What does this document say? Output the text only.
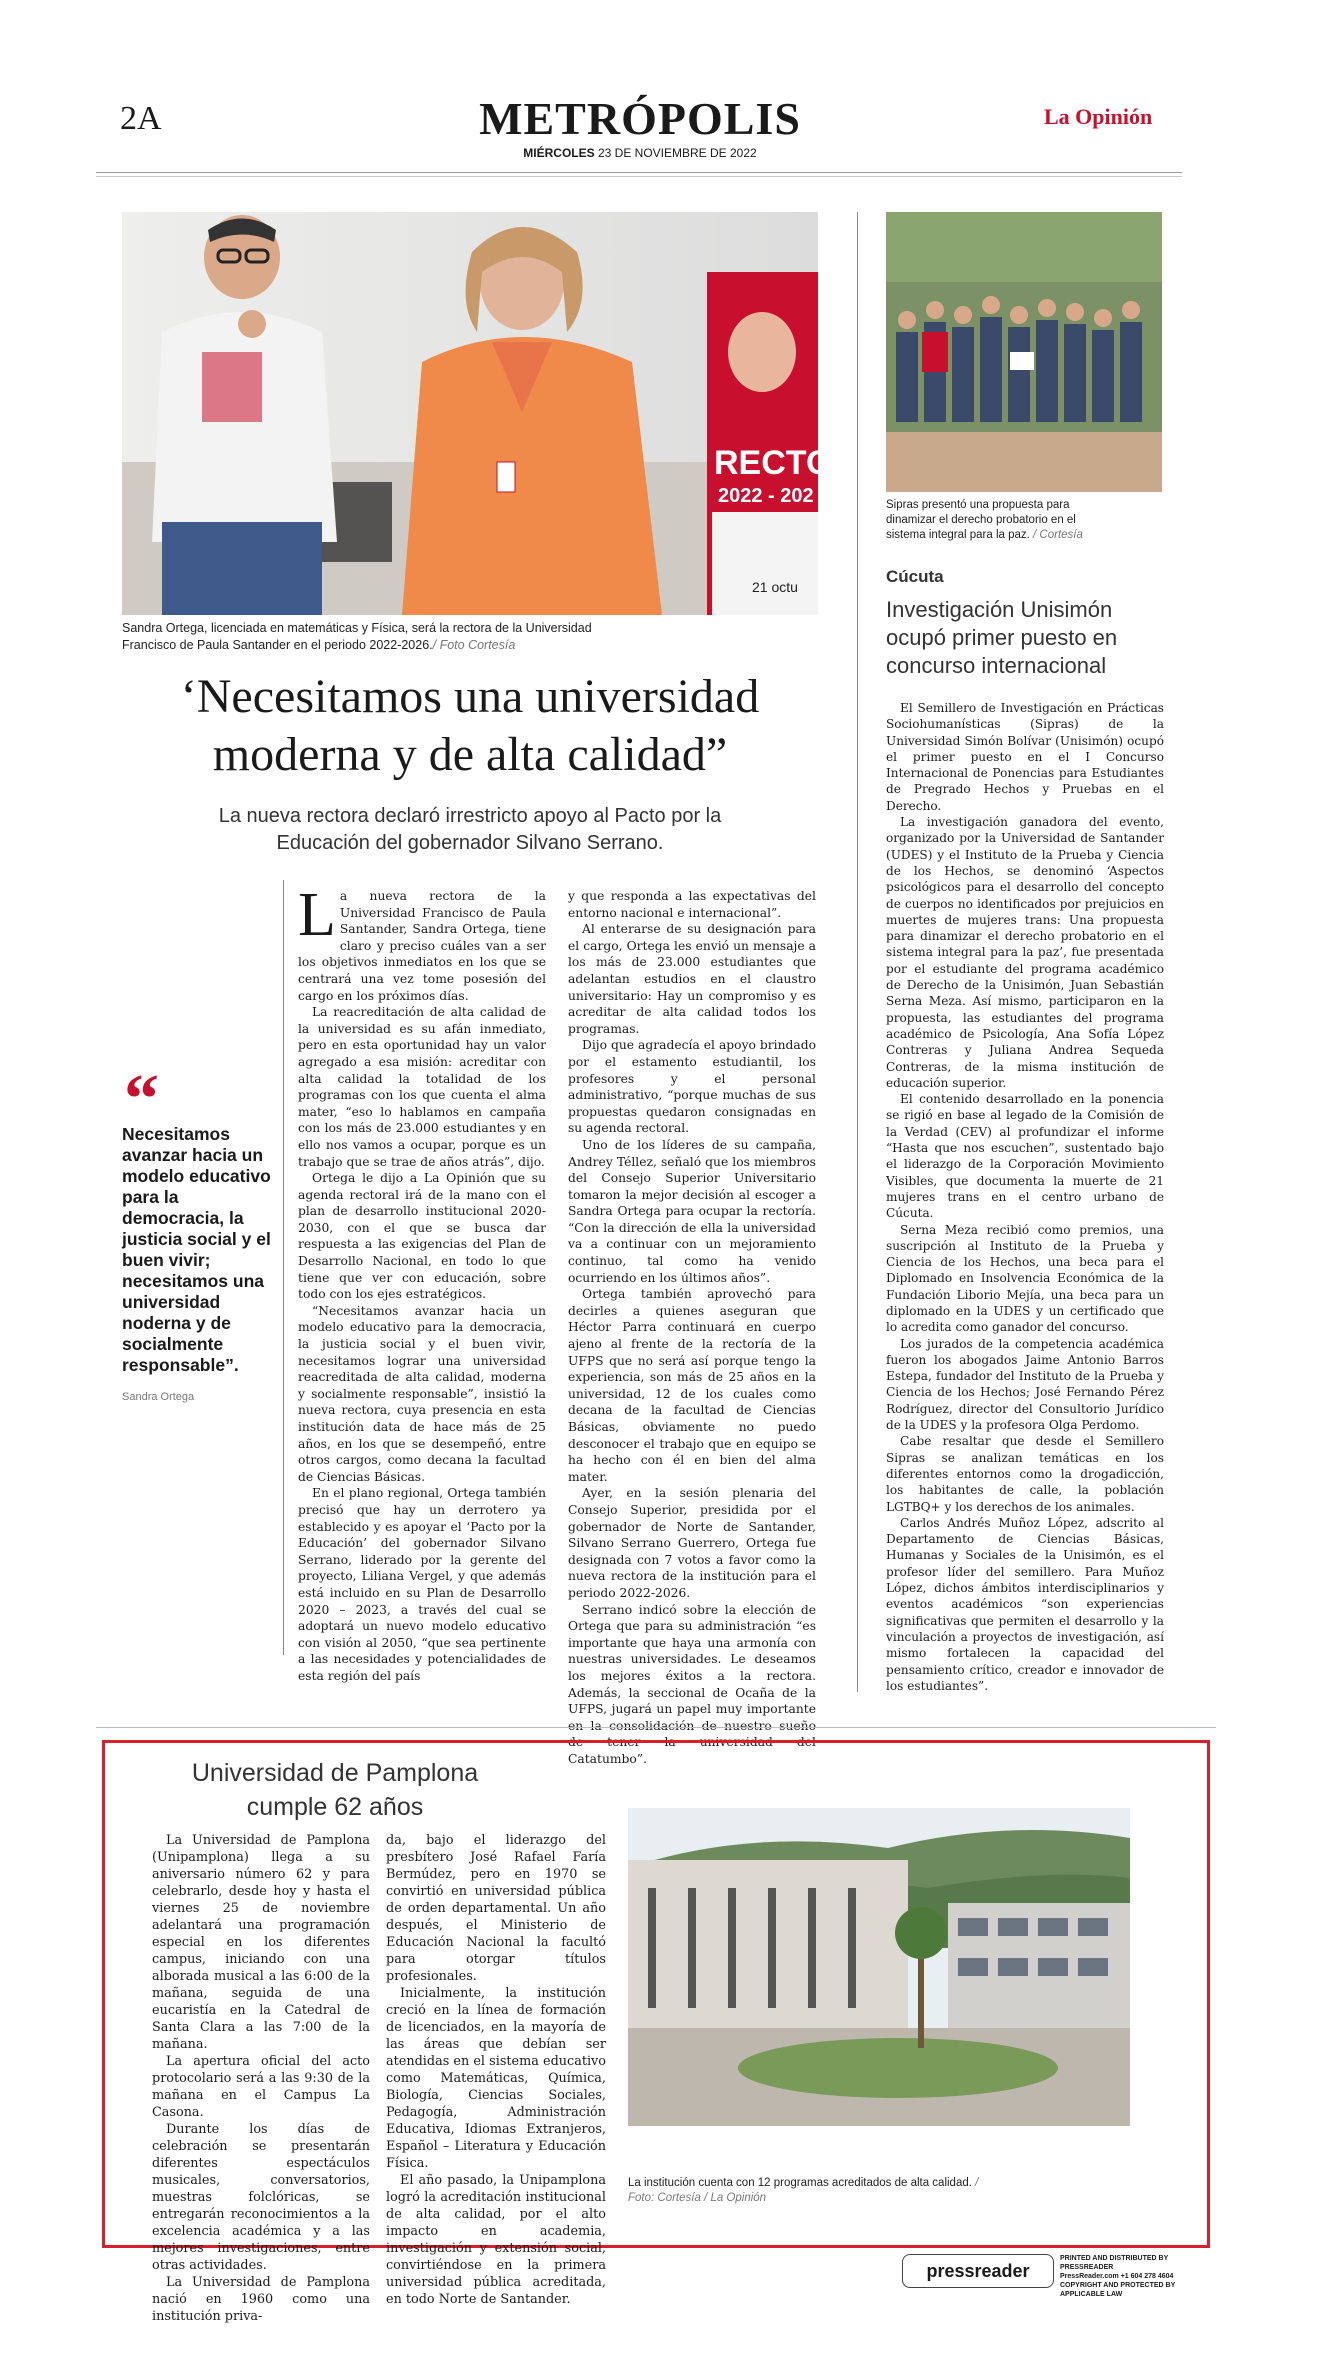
2A	METRÓPOLIS
MIÉRCOLES 23 DE NOVIEMBRE DE 2022
La Opinión
RECTO
2022 - 202
21 octu
Sandra Ortega, licenciada en matemáticas y Física, será la rectora de la Universidad Francisco de Paula Santander en el periodo 2022-2026./ Foto Cortesía
‘Necesitamos una universidad moderna y de alta calidad”
La nueva rectora declaró irrestricto apoyo al Pacto por la Educación del gobernador Silvano Serrano.
“
Necesitamos avanzar hacia un modelo educativo para la democracia, la justicia social y el buen vivir; necesitamos una universidad noderna y de socialmente responsable”.
Sandra Ortega

La nueva rectora de la Universidad Francisco de Paula Santander, Sandra Ortega, tiene claro y preciso cuáles van a ser los objetivos inmediatos en los que se centrará una vez tome posesión del cargo en los próximos días.

La reacreditación de alta calidad de la universidad es su afán inmediato, pero en esta oportunidad hay un valor agregado a esa misión: acreditar con alta calidad la totalidad de los programas con los que cuenta el alma mater, “eso lo hablamos en campaña con los más de 23.000 estudiantes y en ello nos vamos a ocupar, porque es un trabajo que se trae de años atrás”, dijo.

Ortega le dijo a La Opinión que su agenda rectoral irá de la mano con el plan de desarrollo institucional 2020-2030, con el que se busca dar respuesta a las exigencias del Plan de Desarrollo Nacional, en todo lo que tiene que ver con educación, sobre todo con los ejes estratégicos.

“Necesitamos avanzar hacia un modelo educativo para la democracia, la justicia social y el buen vivir, necesitamos lograr una universidad reacreditada de alta calidad, moderna y socialmente responsable”, insistió la nueva rectora, cuya presencia en esta institución data de hace más de 25 años, en los que se desempeñó, entre otros cargos, como decana la facultad de Ciencias Básicas.

En el plano regional, Ortega también precisó que hay un derrotero ya establecido y es apoyar el ‘Pacto por la Educación’ del gobernador Silvano Serrano, liderado por la gerente del proyecto, Liliana Vergel, y que además está incluido en su Plan de Desarrollo 2020 – 2023, a través del cual se adoptará un nuevo modelo educativo con visión al 2050, “que sea pertinente a las necesidades y potencialidades de esta región del país

y que responda a las expectativas del entorno nacional e internacional”.

Al enterarse de su designación para el cargo, Ortega les envió un mensaje a los más de 23.000 estudiantes que adelantan estudios en el claustro universitario: Hay un compromiso y es acreditar de alta calidad todos los programas.

Dijo que agradecía el apoyo brindado por el estamento estudiantil, los profesores y el personal administrativo, “porque muchas de sus propuestas quedaron consignadas en su agenda rectoral.

Uno de los líderes de su campaña, Andrey Téllez, señaló que los miembros del Consejo Superior Universitario tomaron la mejor decisión al escoger a Sandra Ortega para ocupar la rectoría. “Con la dirección de ella la universidad va a continuar con un mejoramiento continuo, tal como ha venido ocurriendo en los últimos años”.

Ortega también aprovechó para decirles a quienes aseguran que Héctor Parra continuará en cuerpo ajeno al frente de la rectoría de la UFPS que no será así porque tengo la experiencia, son más de 25 años en la universidad, 12 de los cuales como decana de la facultad de Ciencias Básicas, obviamente no puedo desconocer el trabajo que en equipo se ha hecho con él en bien del alma mater.

Ayer, en la sesión plenaria del Consejo Superior, presidida por el gobernador de Norte de Santander, Silvano Serrano Guerrero, Ortega fue designada con 7 votos a favor como la nueva rectora de la institución para el periodo 2022-2026.

Serrano indicó sobre la elección de Ortega que para su administración “es importante que haya una armonía con nuestras universidades. Le deseamos los mejores éxitos a la rectora. Además, la seccional de Ocaña de la UFPS, jugará un papel muy importante en la consolidación de nuestro sueño de tener la universidad del Catatumbo”.

Sipras presentó una propuesta para dinamizar el derecho probatorio en el sistema integral para la paz. / Cortesía
Cúcuta
Investigación Unisimón ocupó primer puesto en concurso internacional

El Semillero de Investigación en Prácticas Sociohumanísticas (Sipras) de la Universidad Simón Bolívar (Unisimón) ocupó el primer puesto en el I Concurso Internacional de Ponencias para Estudiantes de Pregrado Hechos y Pruebas en el Derecho.

La investigación ganadora del evento, organizado por la Universidad de Santander (UDES) y el Instituto de la Prueba y Ciencia de los Hechos, se denominó ‘Aspectos psicológicos para el desarrollo del concepto de cuerpos no identificados por prejuicios en muertes de mujeres trans: Una propuesta para dinamizar el derecho probatorio en el sistema integral para la paz’, fue presentada por el estudiante del programa académico de Derecho de la Unisimón, Juan Sebastián Serna Meza. Así mismo, participaron en la propuesta, las estudiantes del programa académico de Psicología, Ana Sofía López Contreras y Juliana Andrea Sequeda Contreras, de la misma institución de educación superior.

El contenido desarrollado en la ponencia se rigió en base al legado de la Comisión de la Verdad (CEV) al profundizar el informe “Hasta que nos escuchen”, sustentado bajo el liderazgo de la Corporación Movimiento Visibles, que documenta la muerte de 21 mujeres trans en el centro urbano de Cúcuta.

Serna Meza recibió como premios, una suscripción al Instituto de la Prueba y Ciencia de los Hechos, una beca para el Diplomado en Insolvencia Económica de la Fundación Liborio Mejía, una beca para un diplomado en la UDES y un certificado que lo acredita como ganador del concurso.

Los jurados de la competencia académica fueron los abogados Jaime Antonio Barros Estepa, fundador del Instituto de la Prueba y Ciencia de los Hechos; José Fernando Pérez Rodríguez, director del Consultorio Jurídico de la UDES y la profesora Olga Perdomo.

Cabe resaltar que desde el Semillero Sipras se analizan temáticas en los diferentes entornos como la drogadicción, los habitantes de calle, la población LGTBQ+ y los derechos de los animales.

Carlos Andrés Muñoz López, adscrito al Departamento de Ciencias Básicas, Humanas y Sociales de la Unisimón, es el profesor líder del semillero. Para Muñoz López, dichos ámbitos interdisciplinarios y eventos académicos “son experiencias significativas que permiten el desarrollo y la vinculación a proyectos de investigación, así mismo fortalecen la capacidad del pensamiento crítico, creador e innovador de los estudiantes”.

Universidad de Pamplona cumple 62 años

La Universidad de Pamplona (Unipamplona) llega a su aniversario número 62 y para celebrarlo, desde hoy y hasta el viernes 25 de noviembre adelantará una programación especial en los diferentes campus, iniciando con una alborada musical a las 6:00 de la mañana, seguida de una eucaristía en la Catedral de Santa Clara a las 7:00 de la mañana.

La apertura oficial del acto protocolario será a las 9:30 de la mañana en el Campus La Casona.

Durante los días de celebración se presentarán diferentes espectáculos musicales, conversatorios, muestras folclóricas, se entregarán reconocimientos a la excelencia académica y a las mejores investigaciones, entre otras actividades.

La Universidad de Pamplona nació en 1960 como una institución priva-

da, bajo el liderazgo del presbítero José Rafael Faría Bermúdez, pero en 1970 se convirtió en universidad pública de orden departamental. Un año después, el Ministerio de Educación Nacional la facultó para otorgar títulos profesionales.

Inicialmente, la institución creció en la línea de formación de licenciados, en la mayoría de las áreas que debían ser atendidas en el sistema educativo como Matemáticas, Química, Biología, Ciencias Sociales, Pedagogía, Administración Educativa, Idiomas Extranjeros, Español – Literatura y Educación Física.

El año pasado, la Unipamplona logró la acreditación institucional de alta calidad, por el alto impacto en academia, investigación y extensión social, convirtiéndose en la primera universidad pública acreditada, en todo Norte de Santander.

La institución cuenta con 12 programas acreditados de alta calidad. / Foto: Cortesía / La Opinión
pressreader
PRINTED AND DISTRIBUTED BY PRESSREADER
PressReader.com +1 604 278 4604
COPYRIGHT AND PROTECTED BY APPLICABLE LAW
